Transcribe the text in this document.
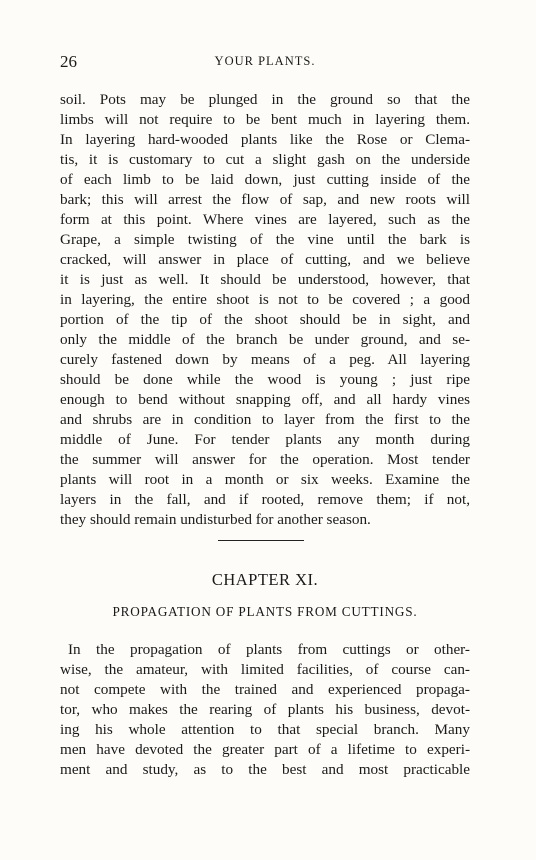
26	YOUR PLANTS.
soil. Pots may be plunged in the ground so that the
limbs will not require to be bent much in layering them.
In layering hard-wooded plants like the Rose or Clema-
tis, it is customary to cut a slight gash on the underside
of each limb to be laid down, just cutting inside of the
bark; this will arrest the flow of sap, and new roots will
form at this point. Where vines are layered, such as the
Grape, a simple twisting of the vine until the bark is
cracked, will answer in place of cutting, and we believe
it is just as well. It should be understood, however, that
in layering, the entire shoot is not to be covered ; a good
portion of the tip of the shoot should be in sight, and
only the middle of the branch be under ground, and se-
curely fastened down by means of a peg. All layering
should be done while the wood is young ; just ripe
enough to bend without snapping off, and all hardy vines
and shrubs are in condition to layer from the first to the
middle of June. For tender plants any month during
the summer will answer for the operation. Most tender
plants will root in a month or six weeks. Examine the
layers in the fall, and if rooted, remove them; if not,
they should remain undisturbed for another season.
CHAPTER XI.
PROPAGATION OF PLANTS FROM CUTTINGS.
In the propagation of plants from cuttings or other-
wise, the amateur, with limited facilities, of course can-
not compete with the trained and experienced propaga-
tor, who makes the rearing of plants his business, devot-
ing his whole attention to that special branch. Many
men have devoted the greater part of a lifetime to experi-
ment and study, as to the best and most practicable
